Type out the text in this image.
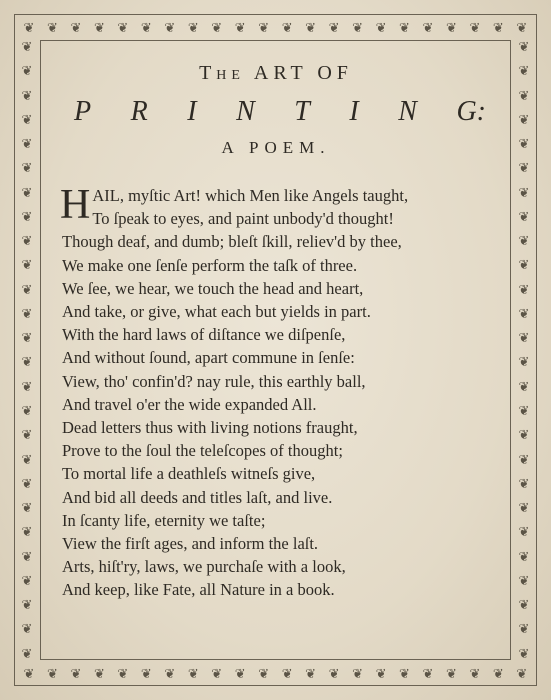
❦ ❦ ❦ ❦ ❦ ❦ ❦ ❦ ❦ ❦ ❦ ❦ ❦ ❦ ❦ ❦ ❦ ❦ ❦ ❦ ❦ ❦
❦ ❦ ❦ ❦ ❦ ❦ ❦ ❦ ❦ ❦ ❦ ❦ ❦ ❦ ❦ ❦ ❦ ❦ ❦ ❦ ❦ ❦
❦
❦
❦
❦
❦
❦
❦
❦
❦
❦
❦
❦
❦
❦
❦
❦
❦
❦
❦
❦
❦
❦
❦
❦
❦
❦
❦
❦
❦
❦
❦
❦
❦
❦
❦
❦
❦
❦
❦
❦
❦
❦
❦
❦
❦
❦
❦
❦
❦
❦
❦
❦
The ART OF
P R I N T I N G:
A POEM.
H AIL, myſtic Art! which Men like Angels taught,
To ſpeak to eyes, and paint unbody'd thought!
Though deaf, and dumb; bleſt ſkill, reliev'd by thee,
We make one ſenſe perform the taſk of three.
We ſee, we hear, we touch the head and heart,
And take, or give, what each but yields in part.
With the hard laws of diſtance we diſpenſe,
And without ſound, apart commune in ſenſe:
View, tho' confin'd? nay rule, this earthly ball,
And travel o'er the wide expanded All.
Dead letters thus with living notions fraught,
Prove to the ſoul the teleſcopes of thought;
To mortal life a deathleſs witneſs give,
And bid all deeds and titles laſt, and live.
In ſcanty life, eternity we taſte;
View the firſt ages, and inform the laſt.
Arts, hiſt'ry, laws, we purchaſe with a look,
And keep, like Fate, all Nature in a book.
